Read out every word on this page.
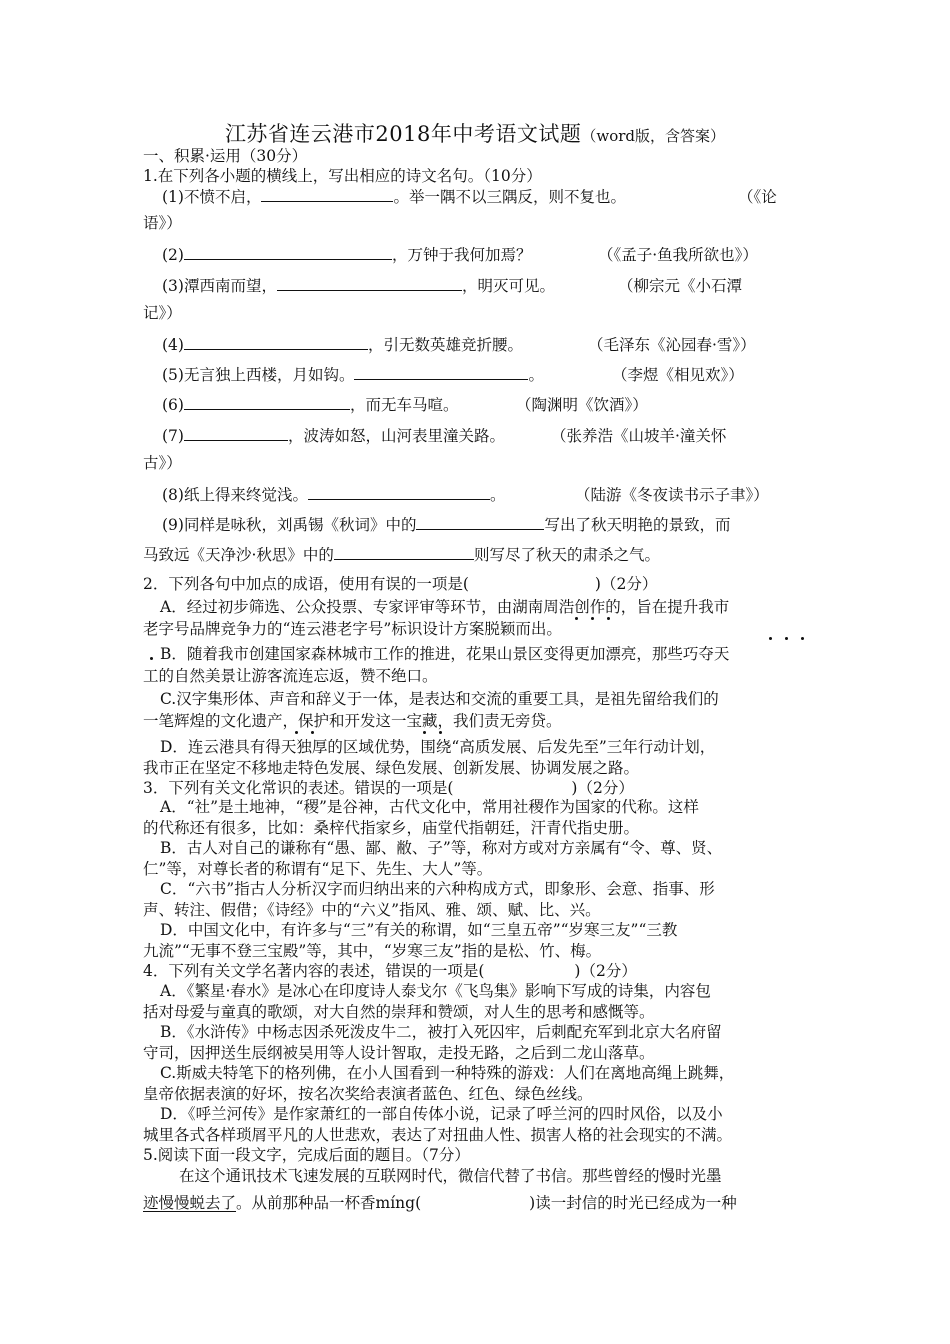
江苏省连云港市2018年中考语文试题（word版，含答案）
一、积累·运用（30分）
1.在下列各小题的横线上，写出相应的诗文名句。（10分）
(1)不愤不启，	。举一隅不以三隅反，则不复也。	（《论
语》）
(2)	，万钟于我何加焉？	（《孟子·鱼我所欲也》）
(3)潭西南而望，	，明灭可见。	（柳宗元《小石潭
记》）
(4)	，引无数英雄竞折腰。	（毛泽东《沁园春·雪》）
(5)无言独上西楼，月如钩。	。	（李煜《相见欢》）
(6)	，而无车马喧。	（陶渊明《饮酒》）
(7)	，波涛如怒，山河表里潼关路。	（张养浩《山坡羊·潼关怀
古》）
(8)纸上得来终觉浅。	。	（陆游《冬夜读书示子聿》）
(9)同样是咏秋，刘禹锡《秋词》中的	写出了秋天明艳的景致，而
马致远《天净沙·秋思》中的	则写尽了秋天的肃杀之气。
2．下列各句中加点的成语，使用有误的一项是(	)（2分）
A．经过初步筛选、公众投票、专家评审等环节，由湖南周浩创作的，旨在提升我市
老字号品牌竞争力的“连云港老字号”标识设计方案脱颖而出。
B．随着我市创建国家森林城市工作的推进，花果山景区变得更加漂亮，那些巧夺天
工的自然美景让游客流连忘返，赞不绝口。
C.汉字集形体、声音和辞义于一体，是表达和交流的重要工具，是祖先留给我们的
一笔辉煌的文化遗产，保护和开发这一宝藏，我们责无旁贷。
D．连云港具有得天独厚的区域优势，围绕“高质发展、后发先至”三年行动计划，
我市正在坚定不移地走特色发展、绿色发展、创新发展、协调发展之路。
3．下列有关文化常识的表述。错误的一项是(	)（2分）
A．“社”是土地神，“稷”是谷神，古代文化中，常用社稷作为国家的代称。这样
的代称还有很多，比如：桑梓代指家乡，庙堂代指朝廷，汗青代指史册。
B．古人对自己的谦称有“愚、鄙、敝、子”等，称对方或对方亲属有“令、尊、贤、
仁”等，对尊长者的称谓有“足下、先生、大人”等。
C．“六书”指古人分析汉字而归纳出来的六种构成方式，即象形、会意、指事、形
声、转注、假借；《诗经》中的“六义”指风、雅、颂、赋、比、兴。
D．中国文化中，有许多与“三”有关的称谓，如“三皇五帝”“岁寒三友”“三教
九流”“无事不登三宝殿”等，其中，“岁寒三友”指的是松、竹、梅。
4．下列有关文学名著内容的表述，错误的一项是(	)（2分）
A．《繁星·春水》是冰心在印度诗人泰戈尔《飞鸟集》影响下写成的诗集，内容包
括对母爱与童真的歌颂，对大自然的崇拜和赞颂，对人生的思考和感慨等。
B．《水浒传》中杨志因杀死泼皮牛二，被打入死囚牢，后刺配充军到北京大名府留
守司，因押送生辰纲被吴用等人设计智取，走投无路，之后到二龙山落草。
C.斯威夫特笔下的格列佛，在小人国看到一种特殊的游戏：人们在离地高绳上跳舞，
皇帝依据表演的好坏，按名次奖给表演者蓝色、红色、绿色丝线。
D．《呼兰河传》是作家萧红的一部自传体小说，记录了呼兰河的四时风俗，以及小
城里各式各样琐屑平凡的人世悲欢，表达了对扭曲人性、损害人格的社会现实的不满。
5.阅读下面一段文字，完成后面的题目。（7分）
在这个通讯技术飞速发展的互联网时代，微信代替了书信。那些曾经的慢时光墨
迹慢慢蜕去了。从前那种品一杯香míng(	)读一封信的时光已经成为一种
